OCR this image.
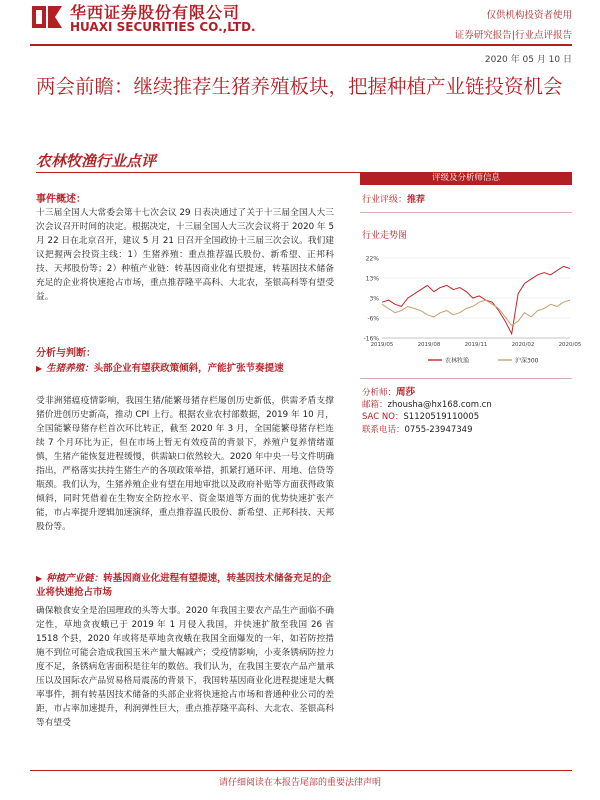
华西证券股份有限公司
HUAXI SECURITIES CO.,LTD.
仅供机构投资者使用
证券研究报告|行业点评报告
2020 年 05 月 10 日
两会前瞻：继续推荐生猪养殖板块，把握种植产业链投资机会
农林牧渔行业点评
评级及分析师信息
事件概述：

十三届全国人大常委会第十七次会议 29 日表决通过了关于十三届全国人大三次会议召开时间的决定。根据决定，十三届全国人大三次会议将于 2020 年 5 月 22 日在北京召开，建议 5 月 21 日召开全国政协十三届三次会议。我们建议把握两会投资主线：1）生猪养殖：重点推荐温氏股份、新希望、正邦科技、天邦股份等；2）种植产业链：转基因商业化有望提速，转基因技术储备充足的企业将快速抢占市场，重点推荐隆平高科、大北农，荃银高科等有望受益。

分析与判断：
▶ 生猪养殖：头部企业有望获政策倾斜，产能扩张节奏提速

受非洲猪瘟疫情影响，我国生猪/能繁母猪存栏屡创历史新低，供需矛盾支撑猪价进创历史新高，推动 CPI 上行。根据农业农村部数据，2019 年 10 月，全国能繁母猪存栏首次环比转正，截至 2020 年 3 月，全国能繁母猪存栏连续 7 个月环比为正，但在市场上暂无有效疫苗的背景下，养殖户复养情绪谨慎，生猪产能恢复进程缓慢，供需缺口依然较大。2020 年中央一号文件明确指出，严格落实扶持生猪生产的各项政策举措，抓紧打通环评、用地、信贷等瓶颈。我们认为，生猪养殖企业有望在用地审批以及政府补贴等方面获得政策倾斜，同时凭借着在生物安全防控水平、资金渠道等方面的优势快速扩张产能，市占率提升逻辑加速演绎，重点推荐温氏股份、新希望、正邦科技、天邦股份等。

▶ 种植产业链：转基因商业化进程有望提速，转基因技术储备充足的企业将快速抢占市场

确保粮食安全是治国理政的头等大事。2020 年我国主要农产品生产面临不确定性，草地贪夜蛾已于 2019 年 1 月侵入我国，并快速扩散至我国 26 省 1518 个县，2020 年或将是草地贪夜蛾在我国全面爆发的一年，如若防控措施不到位可能会造成我国玉米产量大幅减产；受疫情影响，小麦条锈病防控力度不足，条锈病危害面积是往年的数倍。我们认为，在我国主要农产品产量承压以及国际农产品贸易格局震荡的背景下，我国转基因商业化进程提速是大概率事件，拥有转基因技术储备的头部企业将快速抢占市场和普通种业公司的差距，市占率加速提升，利润弹性巨大，重点推荐隆平高科、大北农、荃银高科等有望受

行业评级：推荐
行业走势图
22%
13%
3%
-6%
-16%
2019/05	2019/08	2019/11	2020/02	2020/05
农林牧渔	沪深300
分析师：周莎
邮箱：zhousha@hx168.com.cn
SAC NO：S1120519110005
联系电话：0755-23947349
请仔细阅读在本报告尾部的重要法律声明
